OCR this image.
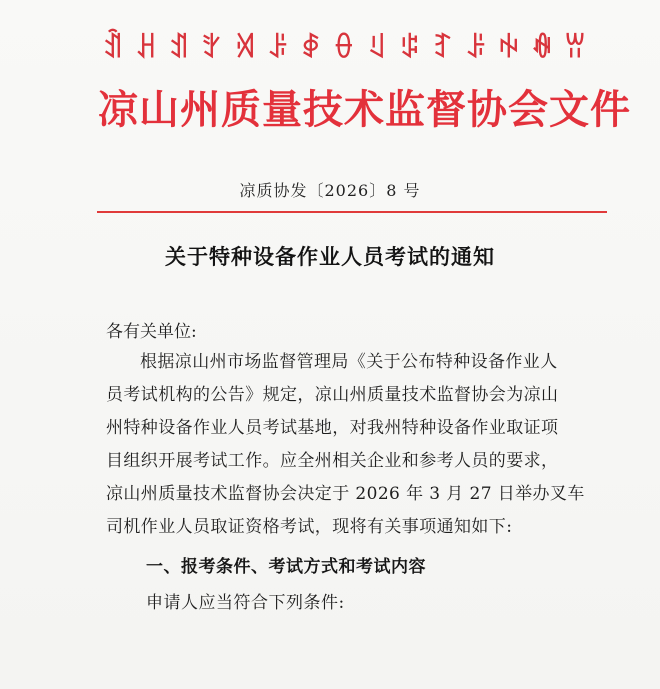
ꀉ ꃅ ꀊ ꇬ ꄉ ꌠ ꇉ ꂷ ꆹ ꌒ ꆈ ꌠ ꑭ ꊿ ꀕ
凉山州质量技术监督协会文件
凉质协发〔2026〕8 号
关于特种设备作业人员考试的通知
各有关单位:

根据凉山州市场监督管理局《关于公布特种设备作业人

员考试机构的公告》规定，凉山州质量技术监督协会为凉山

州特种设备作业人员考试基地，对我州特种设备作业取证项

目组织开展考试工作。应全州相关企业和参考人员的要求，

凉山州质量技术监督协会决定于 2026 年 3 月 27 日举办叉车

司机作业人员取证资格考试，现将有关事项通知如下:

一、报考条件、考试方式和考试内容
申请人应当符合下列条件:
